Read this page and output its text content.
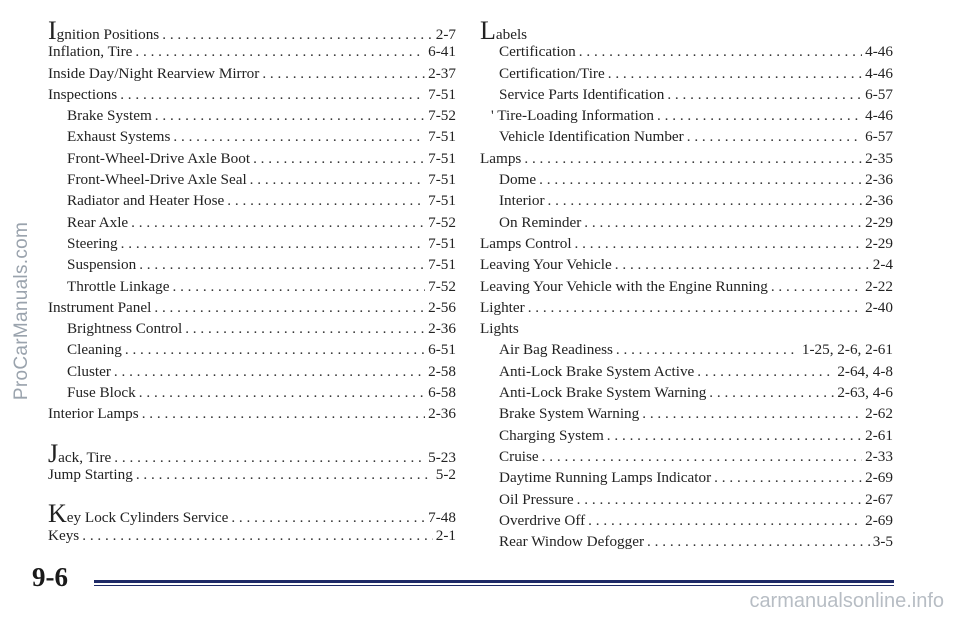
Ignition Positions . . .	2-7
Inflation, Tire . . .	6-41
Inside Day/Night Rearview Mirror . . .	2-37
Inspections . . .	7-51
Brake System . . .	7-52
Exhaust Systems . . .	7-51
Front-Wheel-Drive Axle Boot . . .	7-51
Front-Wheel-Drive Axle Seal . . .	7-51
Radiator and Heater Hose . . .	7-51
Rear Axle . . .	7-52
Steering . . .	7-51
Suspension . . .	7-51
Throttle Linkage . . .	7-52
Instrument Panel . . .	2-56
Brightness Control . . .	2-36
Cleaning . . .	6-51
Cluster . . .	2-58
Fuse Block . . .	6-58
Interior Lamps . . .	2-36
Jack, Tire . . .	5-23
Jump Starting . . .	5-2
Key Lock Cylinders Service . . .	7-48
Keys . . .	2-1
Labels
Certification . . .	4-46
Certification/Tire . . .	4-46
Service Parts Identification . . .	6-57
' Tire-Loading Information . . .	4-46
Vehicle Identification Number . . .	6-57
Lamps . . .	2-35
Dome . . .	2-36
Interior . . .	2-36
On Reminder . . .	2-29
Lamps Control . . .	2-29
Leaving Your Vehicle . . .	2-4
Leaving Your Vehicle with the Engine Running . . .	2-22
Lighter . . .	2-40
Lights
Air Bag Readiness . . .	1-25, 2-6, 2-61
Anti-Lock Brake System Active . . .	2-64, 4-8
Anti-Lock Brake System Warning . . .	2-63, 4-6
Brake System Warning . . .	2-62
Charging System . . .	2-61
Cruise . . .	2-33
Daytime Running Lamps Indicator . . .	2-69
Oil Pressure . . .	2-67
Overdrive Off . . .	2-69
Rear Window Defogger . . .	3-5
9-6
ProCarManuals.com
carmanualsonline.info
